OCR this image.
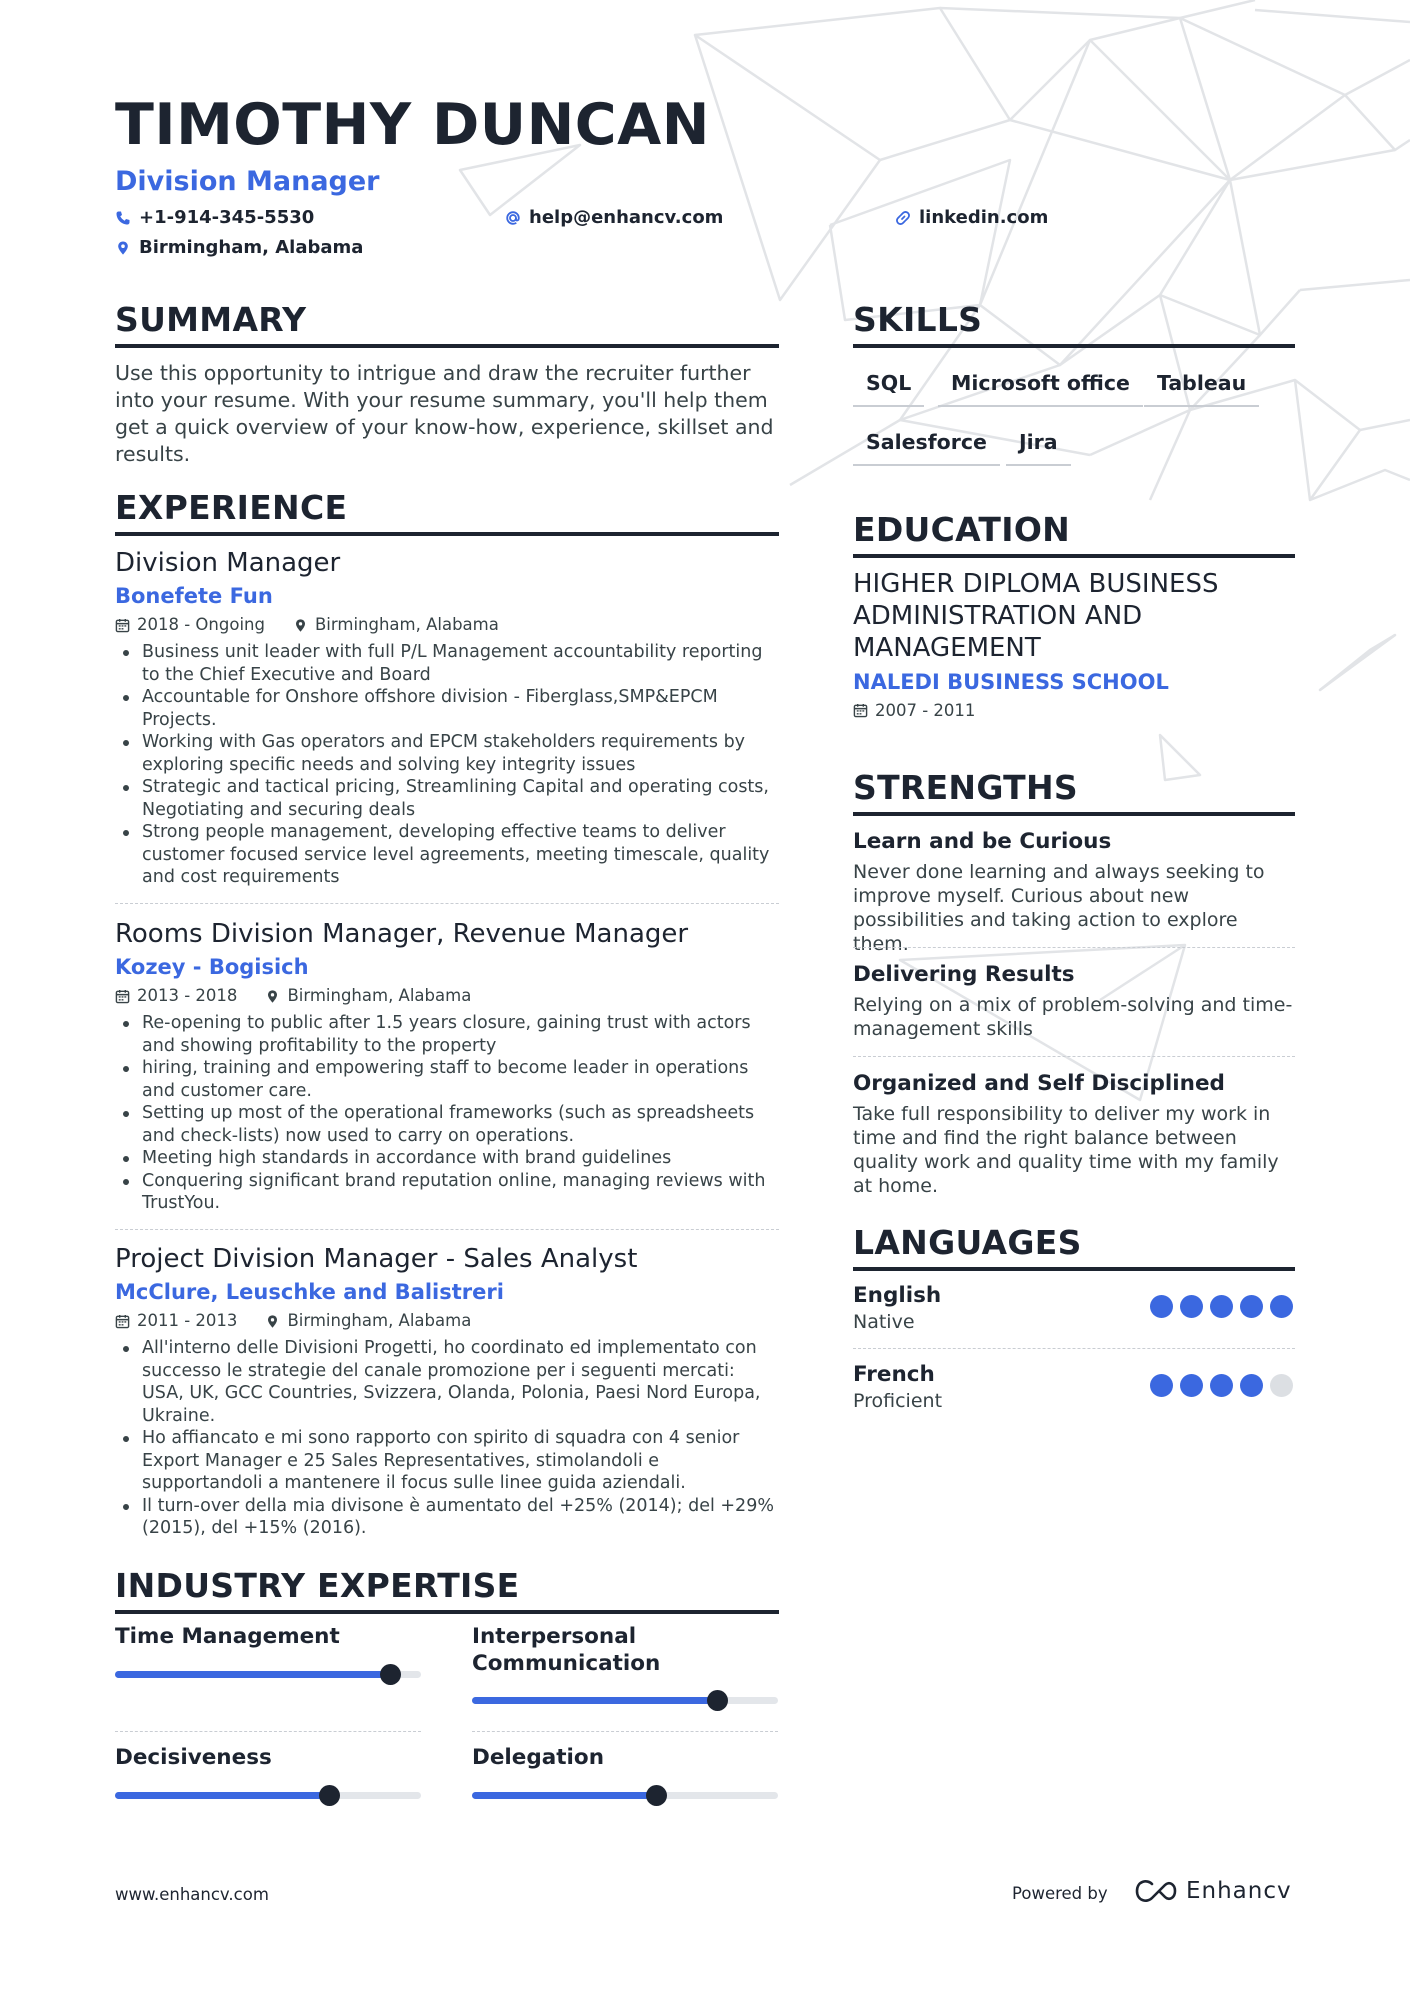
TIMOTHY DUNCAN
Division Manager
+1-914-345-5530	help@enhancv.com	linkedin.com
Birmingham, Alabama
SUMMARY
Use this opportunity to intrigue and draw the recruiter further into your resume. With your resume summary, you'll help them get a quick overview of your know-how, experience, skillset and results.
EXPERIENCE
Division Manager
Bonefete Fun
2018 - Ongoing	Birmingham, Alabama
Business unit leader with full P/L Management accountability reporting to the Chief Executive and Board
Accountable for Onshore offshore division - Fiberglass,SMP&EPCM Projects.
Working with Gas operators and EPCM stakeholders requirements by exploring specific needs and solving key integrity issues
Strategic and tactical pricing, Streamlining Capital and operating costs, Negotiating and securing deals
Strong people management, developing effective teams to deliver customer focused service level agreements, meeting timescale, quality and cost requirements
Rooms Division Manager, Revenue Manager
Kozey - Bogisich
2013 - 2018	Birmingham, Alabama
Re-opening to public after 1.5 years closure, gaining trust with actors and showing profitability to the property
hiring, training and empowering staff to become leader in operations and customer care.
Setting up most of the operational frameworks (such as spreadsheets and check-lists) now used to carry on operations.
Meeting high standards in accordance with brand guidelines
Conquering significant brand reputation online, managing reviews with TrustYou.
Project Division Manager - Sales Analyst
McClure, Leuschke and Balistreri
2011 - 2013	Birmingham, Alabama
All'interno delle Divisioni Progetti, ho coordinato ed implementato con successo le strategie del canale promozione per i seguenti mercati: USA, UK, GCC Countries, Svizzera, Olanda, Polonia, Paesi Nord Europa, Ukraine.
Ho affiancato e mi sono rapporto con spirito di squadra con 4 senior Export Manager e 25 Sales Representatives, stimolandoli e supportandoli a mantenere il focus sulle linee guida aziendali.
Il turn-over della mia divisone è aumentato del +25% (2014); del +29% (2015), del +15% (2016).
INDUSTRY EXPERTISE
Time Management	Interpersonal Communication
Decisiveness	Delegation
SKILLS
SQL	Microsoft office	Tableau
Salesforce	Jira
EDUCATION
HIGHER DIPLOMA BUSINESS ADMINISTRATION AND MANAGEMENT
NALEDI BUSINESS SCHOOL
2007 - 2011
STRENGTHS
Learn and be Curious
Never done learning and always seeking to improve myself. Curious about new possibilities and taking action to explore them.
Delivering Results
Relying on a mix of problem-solving and time-management skills
Organized and Self Disciplined
Take full responsibility to deliver my work in time and find the right balance between quality work and quality time with my family at home.
LANGUAGES
English
Native
French
Proficient
www.enhancv.com	Powered by	Enhancv
